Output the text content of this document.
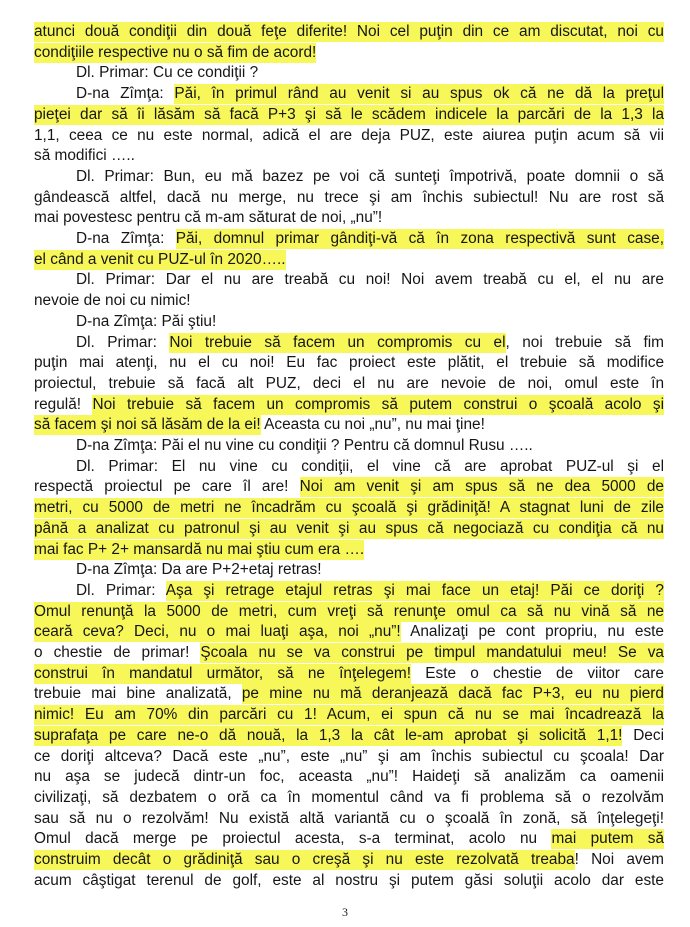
atunci două condiţii din două feţe diferite! Noi cel puţin din ce am discutat, noi cu
condiţiile respective nu o să fim de acord!
Dl. Primar: Cu ce condiţii ?
D-na Zîmţa: Păi, în primul rând au venit si au spus ok că ne dă la preţul
pieţei dar să îi lăsăm să facă P+3 şi să le scădem indicele la parcări de la 1,3 la
1,1, ceea ce nu este normal, adică el are deja PUZ, este aiurea puţin acum să vii
să modifici …..
Dl. Primar: Bun, eu mă bazez pe voi că sunteţi împotrivă, poate domnii o să
gândească altfel, dacă nu merge, nu trece şi am închis subiectul! Nu are rost să
mai povestesc pentru că m-am săturat de noi, „nu”!
D-na Zîmţa: Păi, domnul primar gândiţi-vă că în zona respectivă sunt case,
el când a venit cu PUZ-ul în 2020…..
Dl. Primar: Dar el nu are treabă cu noi! Noi avem treabă cu el, el nu are
nevoie de noi cu nimic!
D-na Zîmţa: Păi ştiu!
Dl. Primar: Noi trebuie să facem un compromis cu el, noi trebuie să fim
puţin mai atenţi, nu el cu noi! Eu fac proiect este plătit, el trebuie să modifice
proiectul, trebuie să facă alt PUZ, deci el nu are nevoie de noi, omul este în
regulă! Noi trebuie să facem un compromis să putem construi o şcoală acolo şi
să facem şi noi să lăsăm de la ei! Aceasta cu noi „nu”, nu mai ţine!
D-na Zîmţa: Păi el nu vine cu condiţii ? Pentru că domnul Rusu …..
Dl. Primar: El nu vine cu condiţii, el vine că are aprobat PUZ-ul şi el
respectă proiectul pe care îl are! Noi am venit şi am spus să ne dea 5000 de
metri, cu 5000 de metri ne încadrăm cu şcoală şi grădiniţă! A stagnat luni de zile
până a analizat cu patronul şi au venit şi au spus că negociază cu condiţia că nu
mai fac P+ 2+ mansardă nu mai ştiu cum era ….
D-na Zîmţa: Da are P+2+etaj retras!
Dl. Primar: Aşa şi retrage etajul retras şi mai face un etaj! Păi ce doriţi ?
Omul renunţă la 5000 de metri, cum vreţi să renunţe omul ca să nu vină să ne
ceară ceva? Deci, nu o mai luaţi aşa, noi „nu”! Analizaţi pe cont propriu, nu este
o chestie de primar! Şcoala nu se va construi pe timpul mandatului meu! Se va
construi în mandatul următor, să ne înţelegem! Este o chestie de viitor care
trebuie mai bine analizată, pe mine nu mă deranjează dacă fac P+3, eu nu pierd
nimic! Eu am 70% din parcări cu 1! Acum, ei spun că nu se mai încadrează la
suprafaţa pe care ne-o dă nouă, la 1,3 la cât le-am aprobat şi solicită 1,1! Deci
ce doriţi altceva? Dacă este „nu”, este „nu” şi am închis subiectul cu şcoala! Dar
nu aşa se judecă dintr-un foc, aceasta „nu”! Haideţi să analizăm ca oamenii
civilizaţi, să dezbatem o oră ca în momentul când va fi problema să o rezolvăm
sau să nu o rezolvăm! Nu există altă variantă cu o şcoală în zonă, să înţelegeţi!
Omul dacă merge pe proiectul acesta, s-a terminat, acolo nu mai putem să
construim decât o grădiniţă sau o creşă şi nu este rezolvată treaba! Noi avem
acum câştigat terenul de golf, este al nostru şi putem găsi soluţii acolo dar este
3
